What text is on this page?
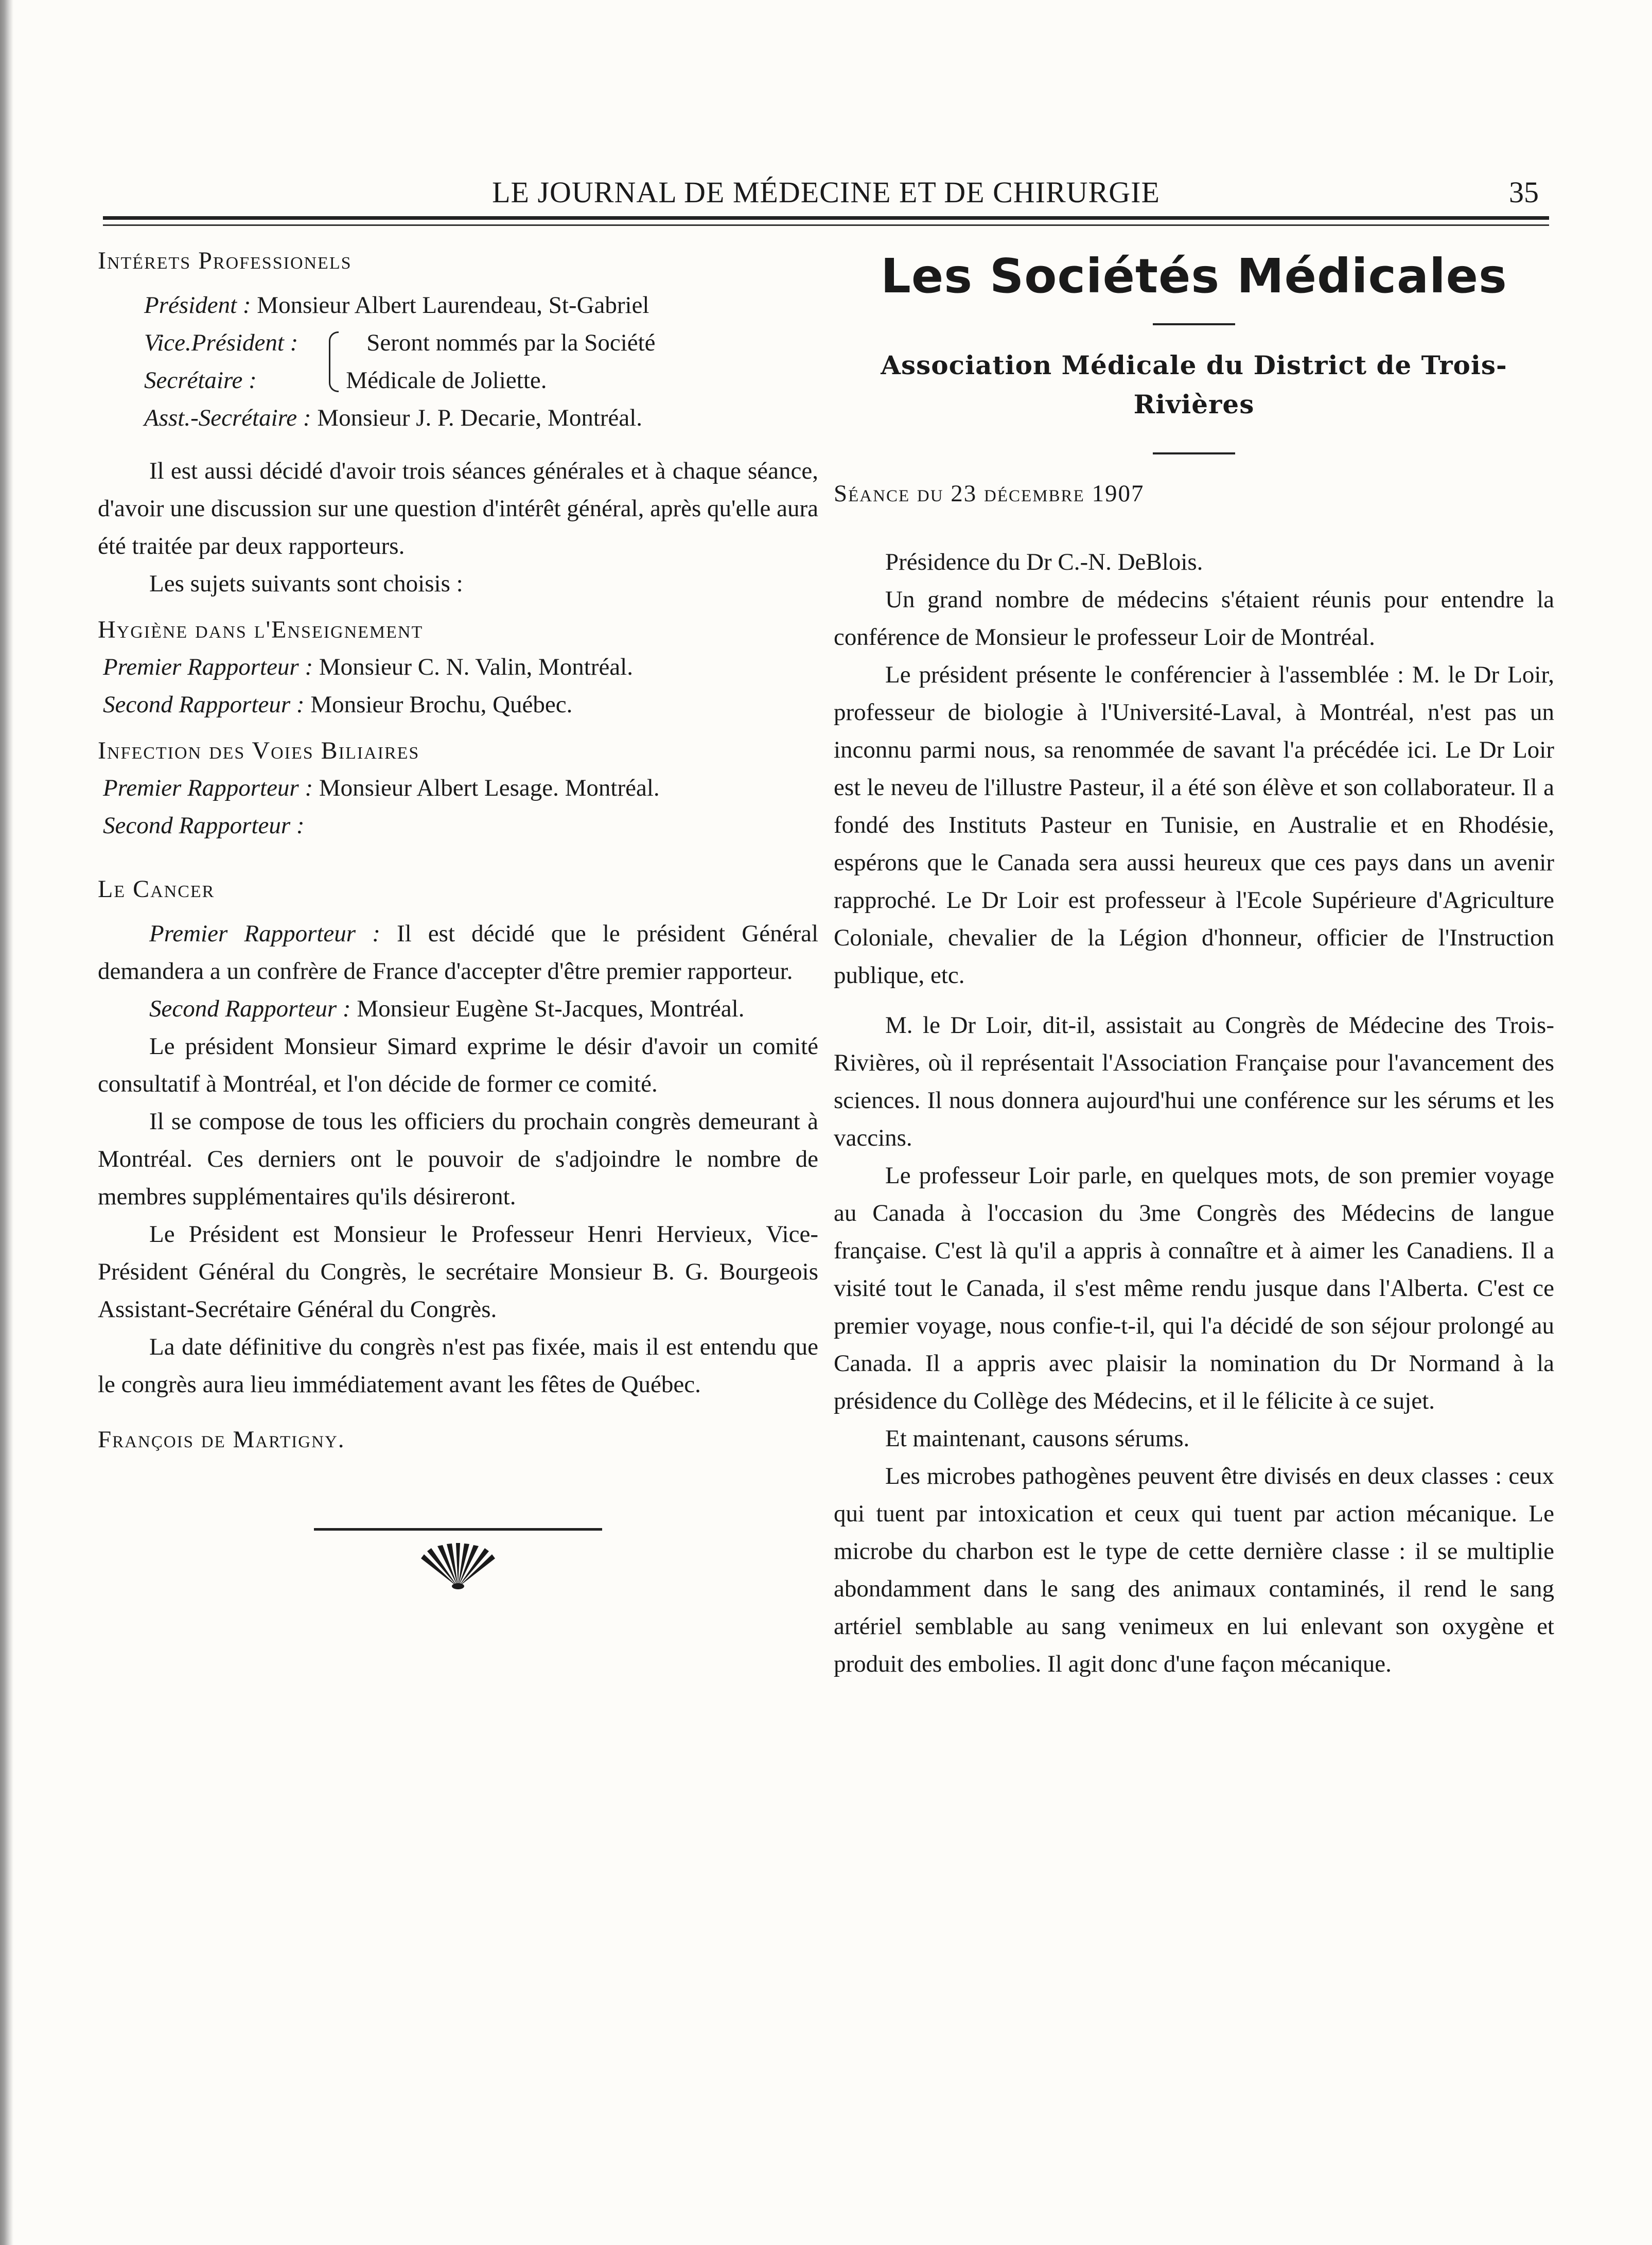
LE JOURNAL DE MÉDECINE ET DE CHIRURGIE	35

Intérets Professionels

Président :
Monsieur Albert Laurendeau, St-Gabriel
Vice.Président :
Secrétaire :
Seront nommés par la Société
Médicale de Joliette.
Asst.-Secrétaire :
Monsieur J. P. Decarie, Montréal.

Il est aussi décidé d'avoir trois séances générales et à chaque séance, d'avoir une discussion sur une question d'intérêt général, après qu'elle aura été traitée par deux rapporteurs.

Les sujets suivants sont choisis :

Hygiène dans l'Enseignement

Premier Rapporteur : Monsieur C. N. Valin, Montréal.

Second Rapporteur : Monsieur Brochu, Québec.

Infection des Voies Biliaires

Premier Rapporteur : Monsieur Albert Lesage. Montréal.

Second Rapporteur :

Le Cancer

Premier Rapporteur : Il est décidé que le président Général demandera a un confrère de France d'accepter d'être premier rapporteur.

Second Rapporteur : Monsieur Eugène St-Jacques, Montréal.

Le président Monsieur Simard exprime le désir d'avoir un comité consultatif à Montréal, et l'on décide de former ce comité.

Il se compose de tous les officiers du prochain congrès demeurant à Montréal. Ces derniers ont le pouvoir de s'adjoindre le nombre de membres supplémentaires qu'ils désireront.

Le Président est Monsieur le Professeur Henri Hervieux, Vice-Président Général du Congrès, le secrétaire Monsieur B. G. Bourgeois Assistant-Secrétaire Général du Congrès.

La date définitive du congrès n'est pas fixée, mais il est entendu que le congrès aura lieu immédiatement avant les fêtes de Québec.

François de Martigny.

Les Sociétés Médicales
Association Médicale du District de Trois-Rivières

Séance du 23 décembre 1907

Présidence du Dr C.-N. DeBlois.

Un grand nombre de médecins s'étaient réunis pour entendre la conférence de Monsieur le professeur Loir de Montréal.

Le président présente le conférencier à l'assemblée : M. le Dr Loir, professeur de biologie à l'Université-Laval, à Montréal, n'est pas un inconnu parmi nous, sa renommée de savant l'a précédée ici. Le Dr Loir est le neveu de l'illustre Pasteur, il a été son élève et son collaborateur. Il a fondé des Instituts Pasteur en Tunisie, en Australie et en Rhodésie, espérons que le Canada sera aussi heureux que ces pays dans un avenir rapproché. Le Dr Loir est professeur à l'Ecole Supérieure d'Agriculture Coloniale, chevalier de la Légion d'honneur, officier de l'Instruction publique, etc.

M. le Dr Loir, dit-il, assistait au Congrès de Médecine des Trois-Rivières, où il représentait l'Association Française pour l'avancement des sciences. Il nous donnera aujourd'hui une conférence sur les sérums et les vaccins.

Le professeur Loir parle, en quelques mots, de son premier voyage au Canada à l'occasion du 3me Congrès des Médecins de langue française. C'est là qu'il a appris à connaître et à aimer les Canadiens. Il a visité tout le Canada, il s'est même rendu jusque dans l'Alberta. C'est ce premier voyage, nous confie-t-il, qui l'a décidé de son séjour prolongé au Canada. Il a appris avec plaisir la nomination du Dr Normand à la présidence du Collège des Médecins, et il le félicite à ce sujet.

Et maintenant, causons sérums.

Les microbes pathogènes peuvent être divisés en deux classes : ceux qui tuent par intoxication et ceux qui tuent par action mécanique. Le microbe du charbon est le type de cette dernière classe : il se multiplie abondamment dans le sang des animaux contaminés, il rend le sang artériel semblable au sang venimeux en lui enlevant son oxygène et produit des embolies. Il agit donc d'une façon mécanique.
